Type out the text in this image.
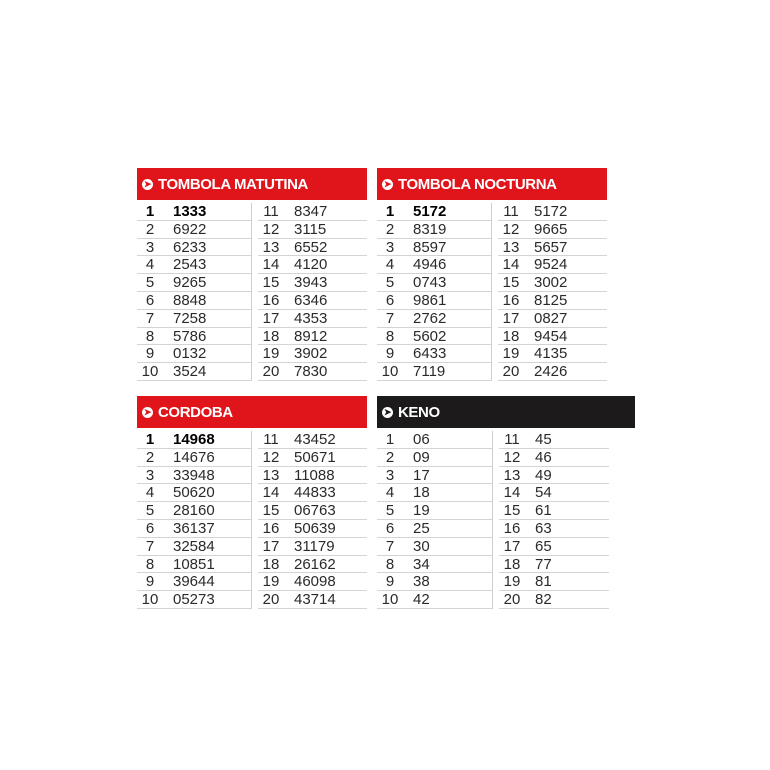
➤ TOMBOLA MATUTINA
1	1333
2	6922
3	6233
4	2543
5	9265
6	8848
7	7258
8	5786
9	0132
10 3524
11	8347
12 3115
13 6552
14 4120
15 3943
16 6346
17 4353
18 8912
19 3902
20 7830
➤ TOMBOLA NOCTURNA
1	5172
2	8319
3	8597
4	4946
5	0743
6	9861
7	2762
8	5602
9	6433
10 7119
11	5172
12 9665
13 5657
14 9524
15 3002
16 8125
17 0827
18 9454
19 4135
20 2426
➤ CORDOBA
1	14968
2	14676
3	33948
4	50620
5	28160
6	36137
7	32584
8	10851
9	39644
10 05273
11	43452
12 50671
13 11088
14 44833
15 06763
16 50639
17 31179
18 26162
19 46098
20 43714
➤ KENO
1	06
2	09
3	17
4	18
5	19
6	25
7	30
8	34
9	38
10 42
11	45
12 46
13 49
14 54
15 61
16 63
17 65
18 77
19 81
20 82
